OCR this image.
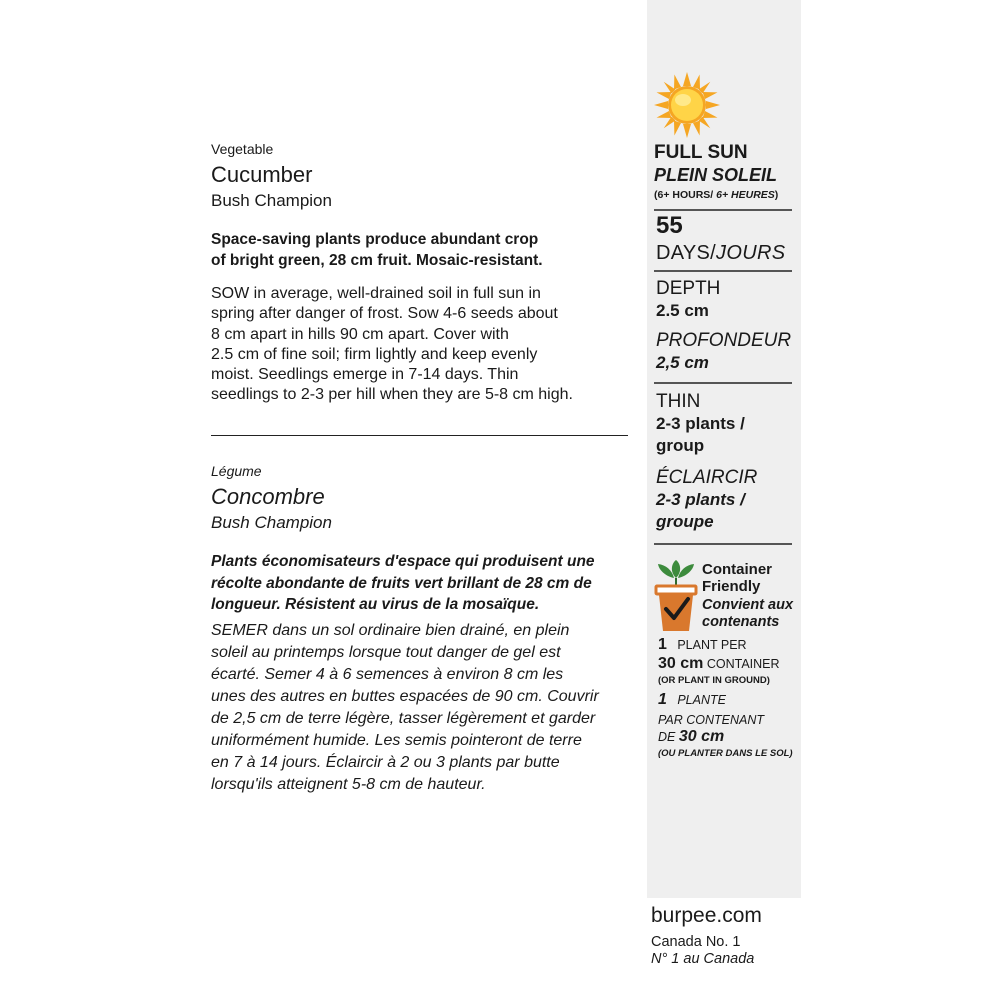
Vegetable
Cucumber
Bush Champion
Space-saving plants produce abundant crop
of bright green, 28 cm fruit. Mosaic-resistant.
SOW in average, well-drained soil in full sun in
spring after danger of frost. Sow 4-6 seeds about
8 cm apart in hills 90 cm apart. Cover with
2.5 cm of fine soil; firm lightly and keep evenly
moist. Seedlings emerge in 7-14 days. Thin
seedlings to 2-3 per hill when they are 5-8 cm high.
Légume
Concombre
Bush Champion
Plants économisateurs d'espace qui produisent une
récolte abondante de fruits vert brillant de 28 cm de
longueur. Résistent au virus de la mosaïque.
SEMER dans un sol ordinaire bien drainé, en plein
soleil au printemps lorsque tout danger de gel est
écarté. Semer 4 à 6 semences à environ 8 cm les
unes des autres en buttes espacées de 90 cm. Couvrir
de 2,5 cm de terre légère, tasser légèrement et garder
uniformément humide. Les semis pointeront de terre
en 7 à 14 jours. Éclaircir à 2 ou 3 plants par butte
lorsqu'ils atteignent 5-8 cm de hauteur.
FULL SUN
PLEIN SOLEIL
(6+ HOURS/ 6+ HEURES)
55
DAYS/JOURS
DEPTH
2.5 cm
PROFONDEUR
2,5 cm
THIN
2-3 plants /
group
ÉCLAIRCIR
2-3 plants /
groupe
Container
Friendly
Convient aux
contenants
1 PLANT PER
30 cm CONTAINER
(OR PLANT IN GROUND)
1 PLANTE
PAR CONTENANT
DE 30 cm
(OU PLANTER DANS LE SOL)
burpee.com
Canada No. 1
N° 1 au Canada
